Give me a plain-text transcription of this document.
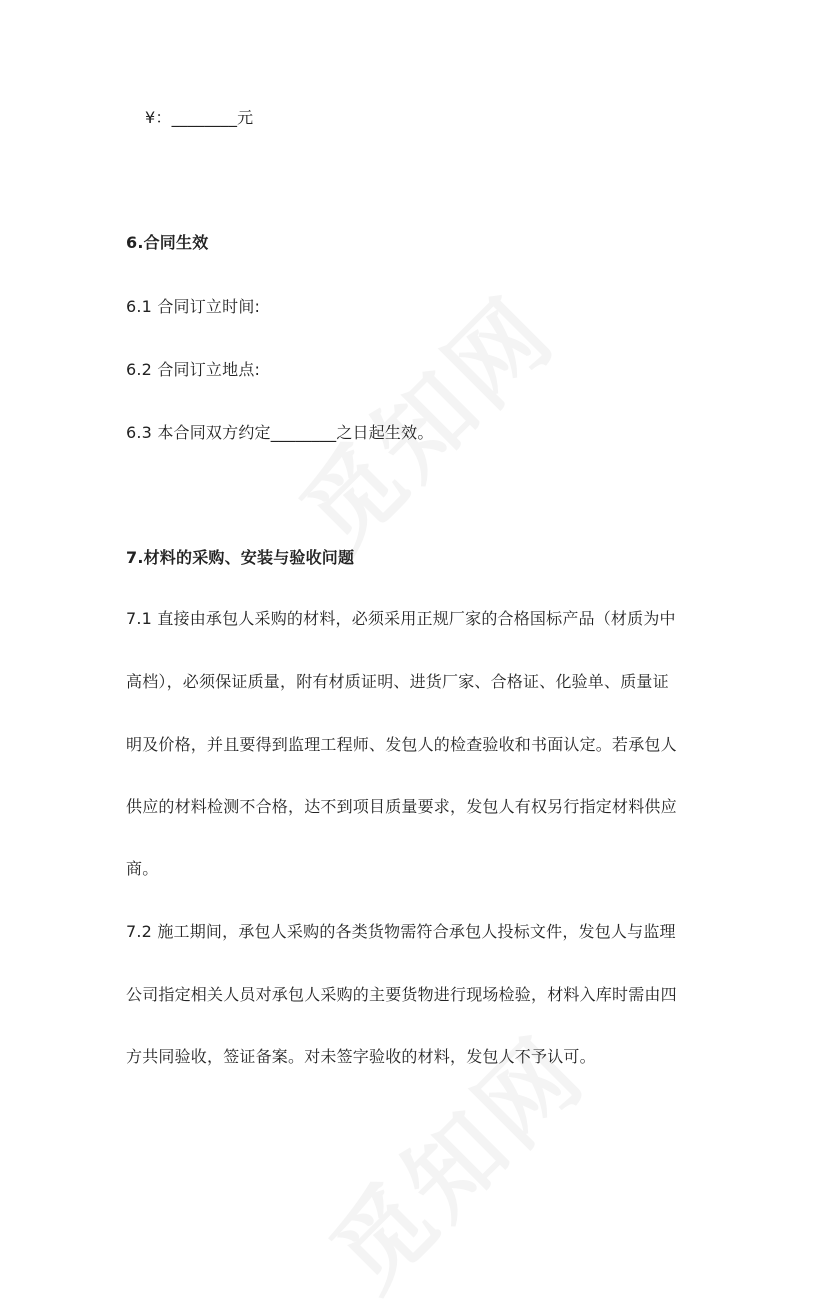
¥：________元

6.合同生效

6.1 合同订立时间:

6.2 合同订立地点:

6.3 本合同双方约定________之日起生效。

7.材料的采购、安装与验收问题

7.1 直接由承包人采购的材料，必须采用正规厂家的合格国标产品（材质为中

高档），必须保证质量，附有材质证明、进货厂家、合格证、化验单、质量证

明及价格，并且要得到监理工程师、发包人的检查验收和书面认定。若承包人

供应的材料检测不合格，达不到项目质量要求，发包人有权另行指定材料供应

商。

7.2 施工期间，承包人采购的各类货物需符合承包人投标文件，发包人与监理

公司指定相关人员对承包人采购的主要货物进行现场检验，材料入库时需由四

方共同验收，签证备案。对未签字验收的材料，发包人不予认可。
